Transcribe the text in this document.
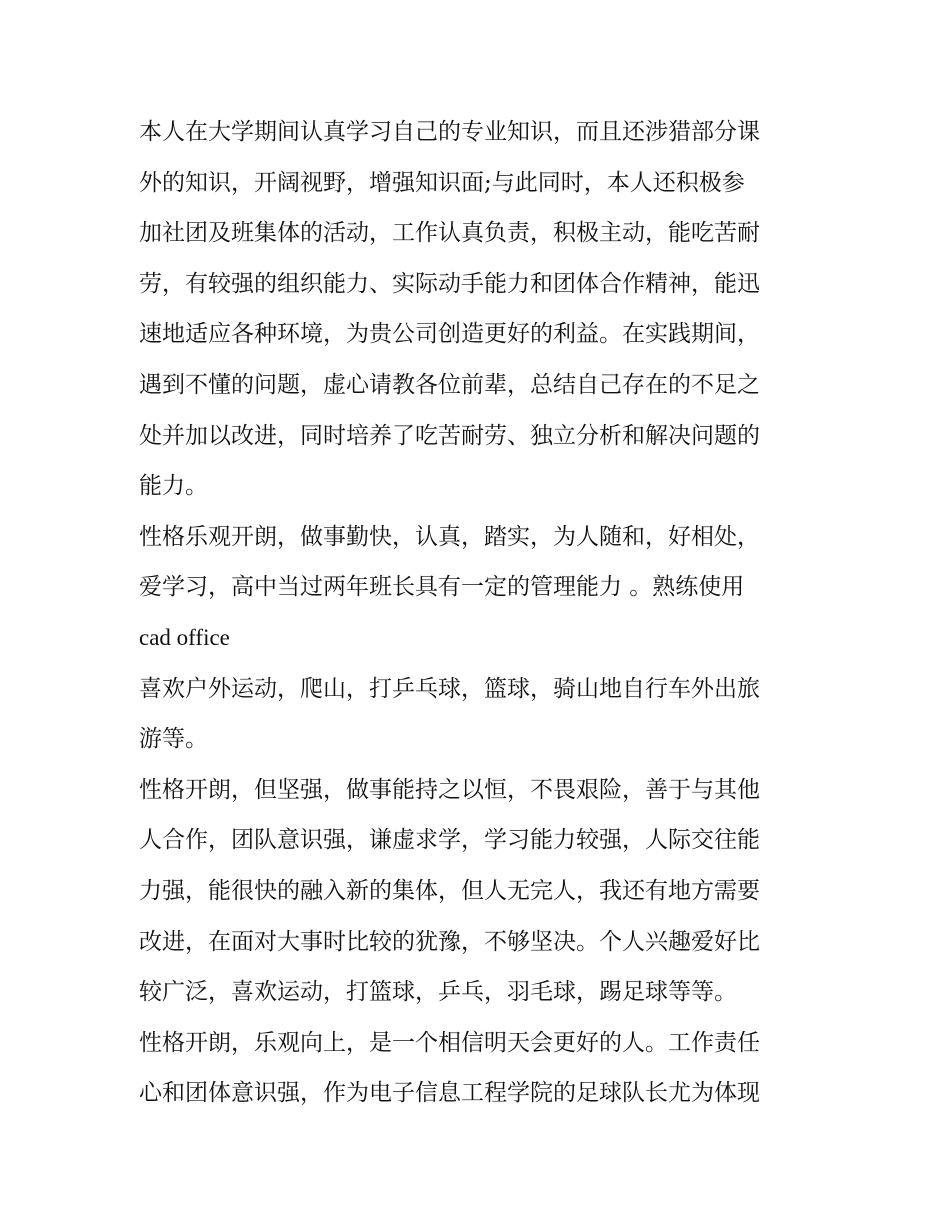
本人在大学期间认真学习自己的专业知识，而且还涉猎部分课
外的知识，开阔视野，增强知识面;与此同时，本人还积极参
加社团及班集体的活动，工作认真负责，积极主动，能吃苦耐
劳，有较强的组织能力、实际动手能力和团体合作精神，能迅
速地适应各种环境，为贵公司创造更好的利益。在实践期间，
遇到不懂的问题，虚心请教各位前辈，总结自己存在的不足之
处并加以改进，同时培养了吃苦耐劳、独立分析和解决问题的
能力。
性格乐观开朗，做事勤快，认真，踏实，为人随和，好相处，
爱学习，高中当过两年班长具有一定的管理能力 。熟练使用
cad office
喜欢户外运动，爬山，打乒乓球，篮球，骑山地自行车外出旅
游等。
性格开朗，但坚强，做事能持之以恒，不畏艰险，善于与其他
人合作，团队意识强，谦虚求学，学习能力较强，人际交往能
力强，能很快的融入新的集体，但人无完人，我还有地方需要
改进，在面对大事时比较的犹豫，不够坚决。个人兴趣爱好比
较广泛，喜欢运动，打篮球，乒乓，羽毛球，踢足球等等。
性格开朗，乐观向上，是一个相信明天会更好的人。工作责任
心和团体意识强，作为电子信息工程学院的足球队长尤为体现
